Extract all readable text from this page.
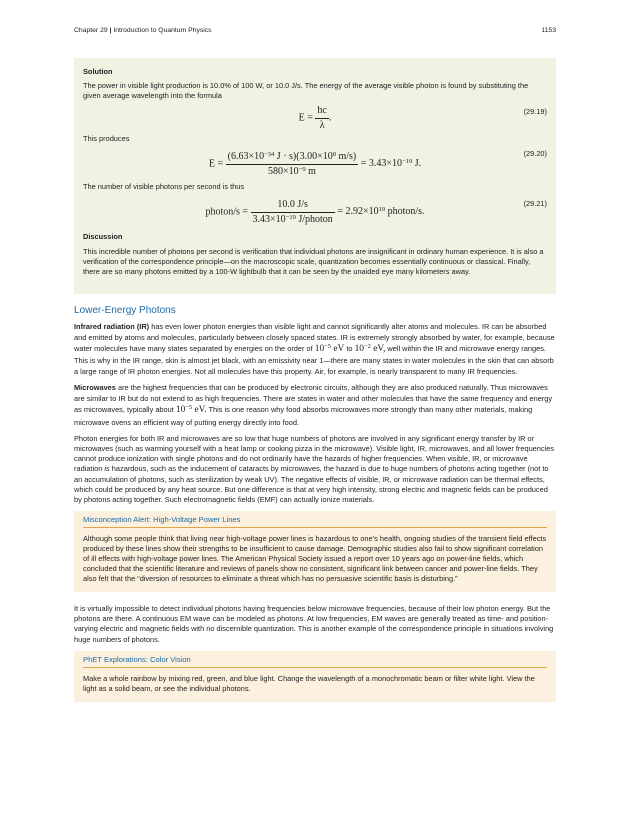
Chapter 29 | Introduction to Quantum Physics	1153
Solution

The power in visible light production is 10.0% of 100 W, or 10.0 J/s. The energy of the average visible photon is found by substituting the given average wavelength into the formula

$E = \frac{hc}{\lambda}$ .
(29.19)

This produces

$E = \frac{(6.63\times 10^{-34} J \cdot s)(3.00\times 10^8 m/s)}{580\times 10^{-9} m} = 3.43\times 10^{-19}$ J.
(29.20)

The number of visible photons per second is thus

photon/s = $\frac{10.0 J/s}{3.43\times 10^{-19} J/photon} = 2.92\times 10^{19}$ photon/s.
(29.21)
Discussion

This incredible number of photons per second is verification that individual photons are insignificant in ordinary human experience. It is also a verification of the correspondence principle—on the macroscopic scale, quantization becomes essentially continuous or classical. Finally, there are so many photons emitted by a 100-W lightbulb that it can be seen by the unaided eye many kilometers away.

Lower-Energy Photons

Infrared radiation (IR) has even lower photon energies than visible light and cannot significantly alter atoms and molecules. IR can be absorbed and emitted by atoms and molecules, particularly between closely spaced states. IR is extremely strongly absorbed by water, for example, because water molecules have many states separated by energies on the order of $10^{-5}$ eV to $10^{-2}$ eV, well within the IR and microwave energy ranges. This is why in the IR range, skin is almost jet black, with an emissivity near 1—there are many states in water molecules in the skin that can absorb a large range of IR photon energies. Not all molecules have this property. Air, for example, is nearly transparent to many IR frequencies.

Microwaves are the highest frequencies that can be produced by electronic circuits, although they are also produced naturally. Thus microwaves are similar to IR but do not extend to as high frequencies. There are states in water and other molecules that have the same frequency and energy as microwaves, typically about $10^{-5}$ eV. This is one reason why food absorbs microwaves more strongly than many other materials, making microwave ovens an efficient way of putting energy directly into food.

Photon energies for both IR and microwaves are so low that huge numbers of photons are involved in any significant energy transfer by IR or microwaves (such as warming yourself with a heat lamp or cooking pizza in the microwave). Visible light, IR, microwaves, and all lower frequencies cannot produce ionization with single photons and do not ordinarily have the hazards of higher frequencies. When visible, IR, or microwave radiation is hazardous, such as the inducement of cataracts by microwaves, the hazard is due to huge numbers of photons acting together (not to an accumulation of photons, such as sterilization by weak UV). The negative effects of visible, IR, or microwave radiation can be thermal effects, which could be produced by any heat source. But one difference is that at very high intensity, strong electric and magnetic fields can be produced by photons acting together. Such electromagnetic fields (EMF) can actually ionize materials.

Misconception Alert: High-Voltage Power Lines

Although some people think that living near high-voltage power lines is hazardous to one’s health, ongoing studies of the transient field effects produced by these lines show their strengths to be insufficient to cause damage. Demographic studies also fail to show significant correlation of ill effects with high-voltage power lines. The American Physical Society issued a report over 10 years ago on power-line fields, which concluded that the scientific literature and reviews of panels show no consistent, significant link between cancer and power-line fields. They also felt that the “diversion of resources to eliminate a threat which has no persuasive scientific basis is disturbing.”

It is virtually impossible to detect individual photons having frequencies below microwave frequencies, because of their low photon energy. But the photons are there. A continuous EM wave can be modeled as photons. At low frequencies, EM waves are generally treated as time- and position-varying electric and magnetic fields with no discernible quantization. This is another example of the correspondence principle in situations involving huge numbers of photons.

PhET Explorations: Color Vision

Make a whole rainbow by mixing red, green, and blue light. Change the wavelength of a monochromatic beam or filter white light. View the light as a solid beam, or see the individual photons.
